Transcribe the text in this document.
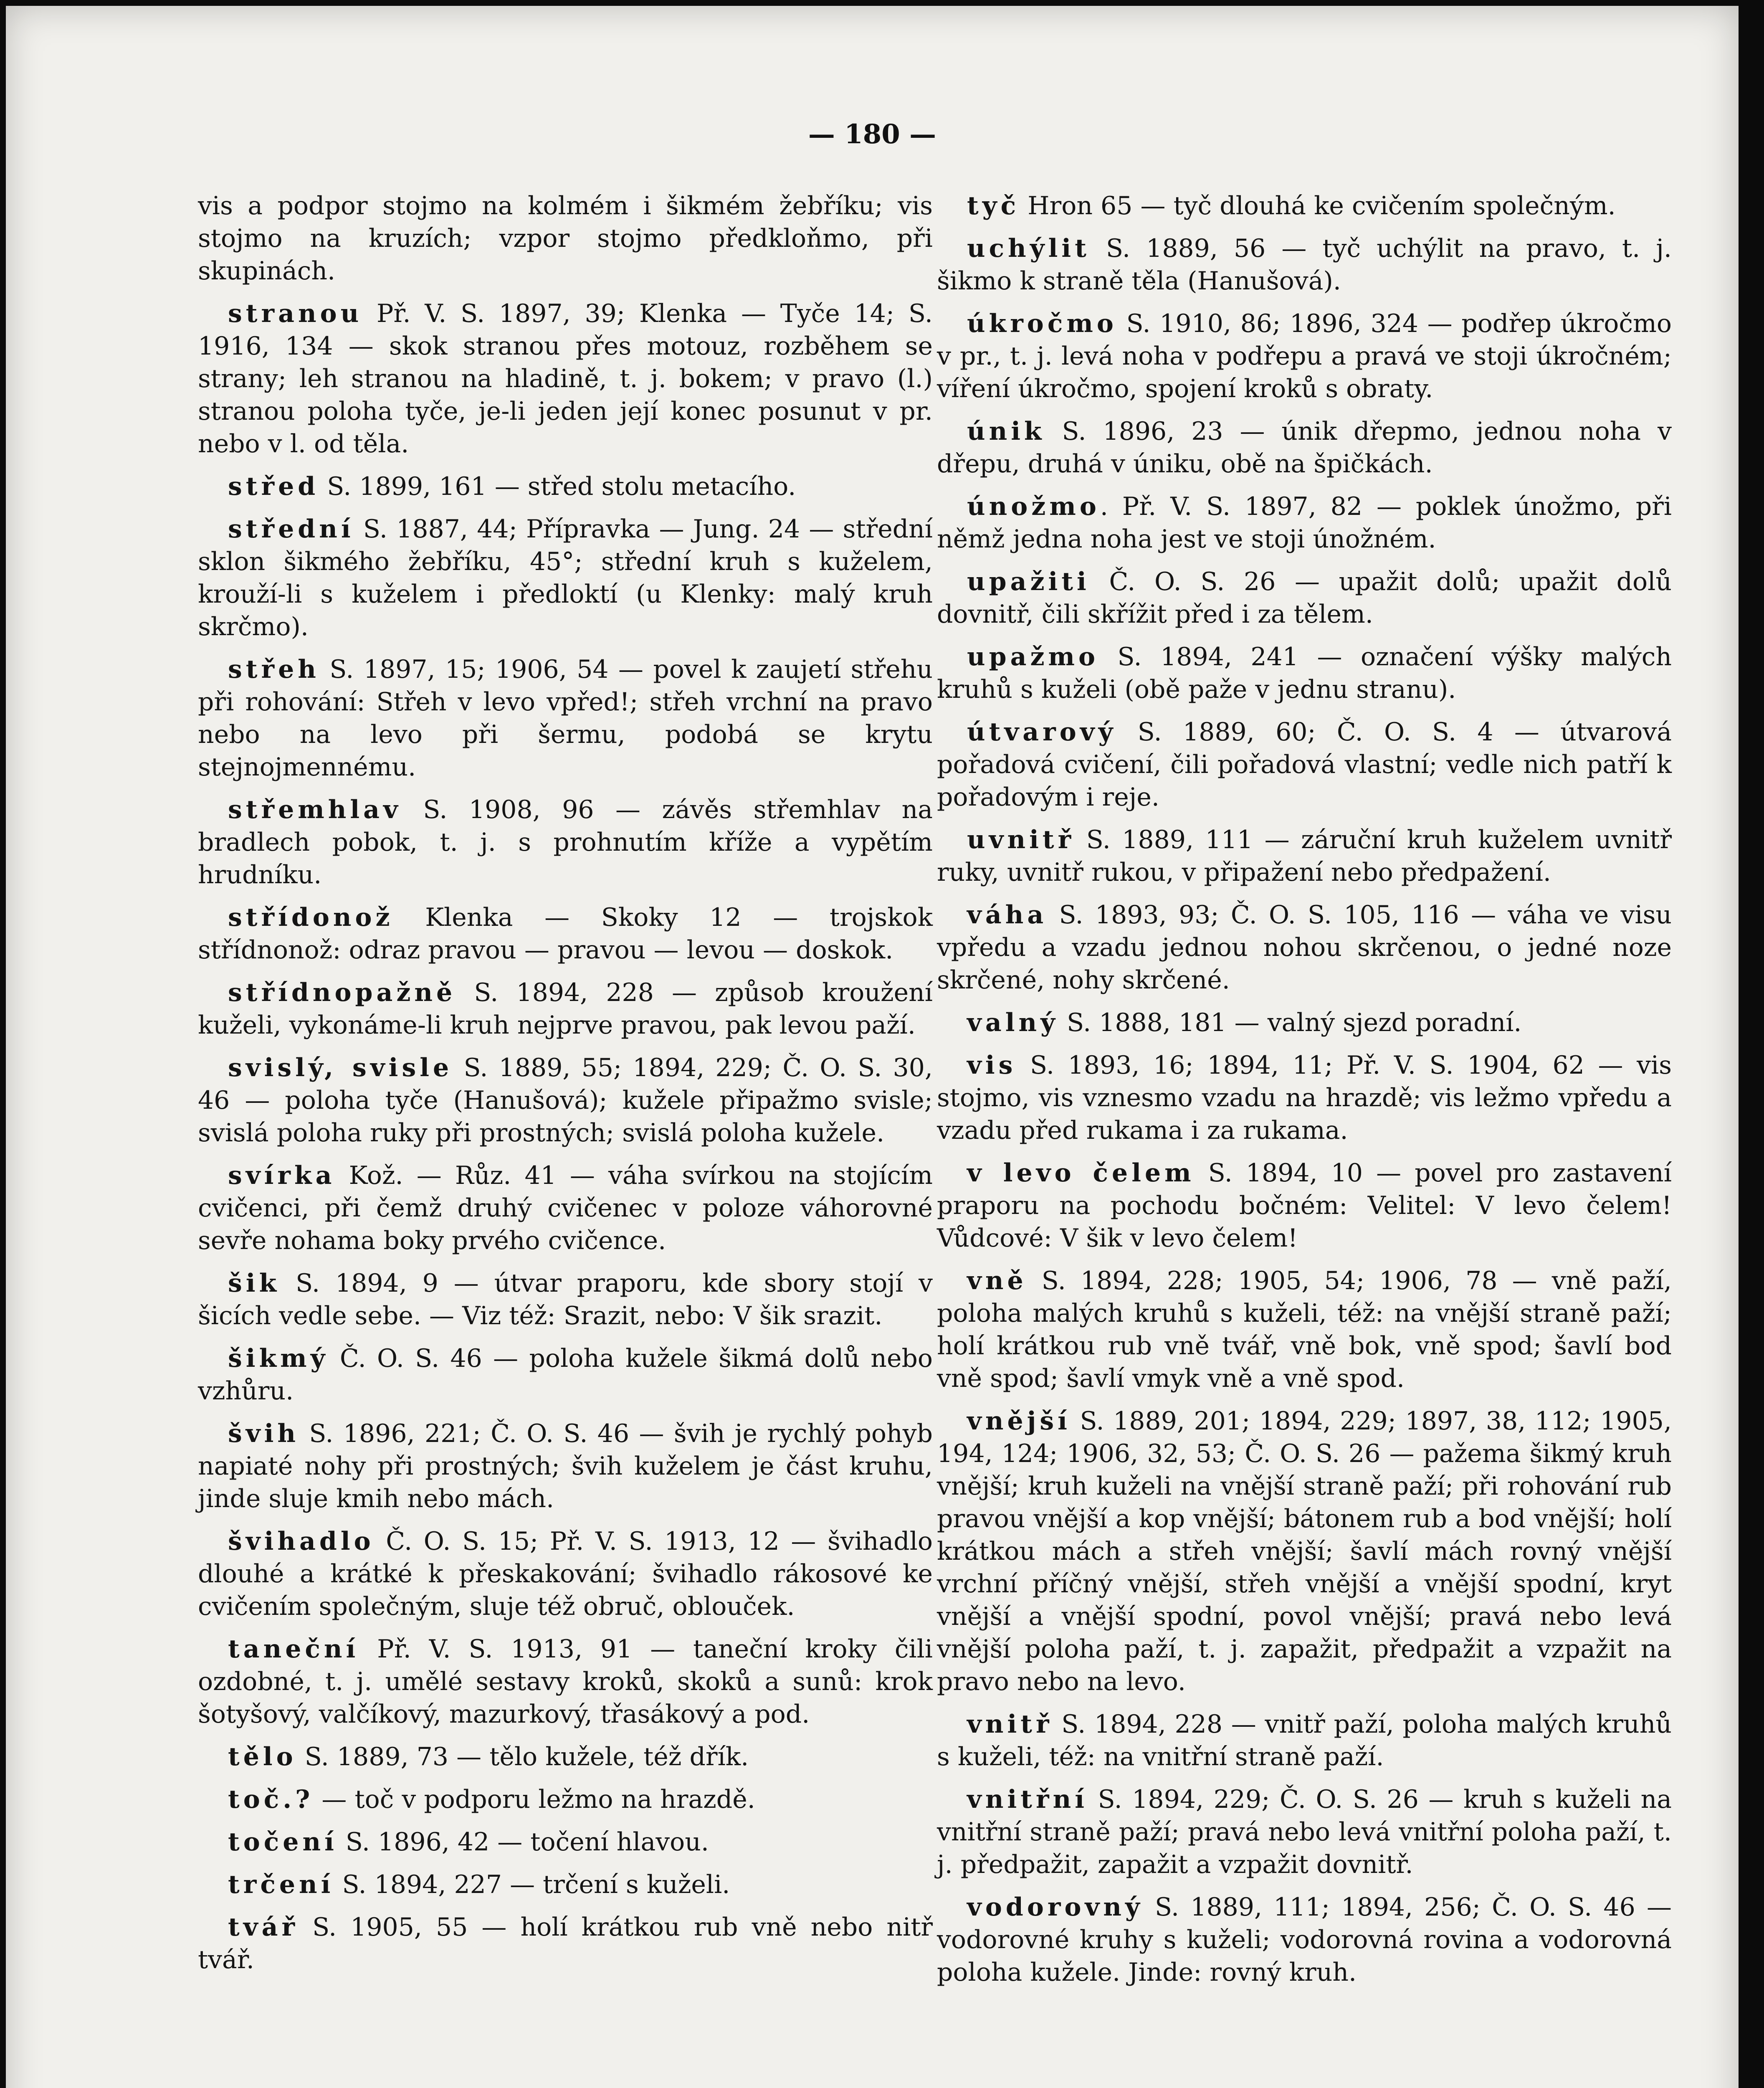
— 180 —

vis a podpor stojmo na kolmém i šikmém žebříku; vis stojmo na kruzích; vzpor stojmo předkloňmo, při skupinách.

stranou Př. V. S. 1897, 39; Klenka — Tyče 14; S. 1916, 134 — skok stranou přes motouz, rozběhem se strany; leh stranou na hladině, t. j. bokem; v pravo (l.) stranou poloha tyče, je-li jeden její konec posunut v pr. nebo v l. od těla.

střed S. 1899, 161 — střed stolu metacího.

střední S. 1887, 44; Přípravka — Jung. 24 — střední sklon šikmého žebříku, 45°; střední kruh s kuželem, krouží-li s kuželem i předloktí (u Klenky: malý kruh skrčmo).

střeh S. 1897, 15; 1906, 54 — povel k zaujetí střehu při rohování: Střeh v levo vpřed!; střeh vrchní na pravo nebo na levo při šermu, podobá se krytu stejnojmennému.

střemhlav S. 1908, 96 — závěs střemhlav na bradlech pobok, t. j. s prohnutím kříže a vypětím hrudníku.

střídonož Klenka — Skoky 12 — trojskok střídnonož: odraz pravou — pravou — levou — doskok.

střídnopažně S. 1894, 228 — způsob kroužení kuželi, vykonáme-li kruh nejprve pravou, pak levou paží.

svislý, svisle S. 1889, 55; 1894, 229; Č. O. S. 30, 46 — poloha tyče (Hanušová); kužele připažmo svisle; svislá poloha ruky při prostných; svislá poloha kužele.

svírka Kož. — Růz. 41 — váha svírkou na stojícím cvičenci, při čemž druhý cvičenec v poloze váhorovné sevře nohama boky prvého cvičence.

šik S. 1894, 9 — útvar praporu, kde sbory stojí v šicích vedle sebe. — Viz též: Srazit, nebo: V šik srazit.

šikmý Č. O. S. 46 — poloha kužele šikmá dolů nebo vzhůru.

švih S. 1896, 221; Č. O. S. 46 — švih je rychlý pohyb napiaté nohy při prostných; švih kuželem je část kruhu, jinde sluje kmih nebo mách.

švihadlo Č. O. S. 15; Př. V. S. 1913, 12 — švihadlo dlouhé a krátké k přeskakování; švihadlo rákosové ke cvičením společným, sluje též obruč, oblouček.

taneční Př. V. S. 1913, 91 — taneční kroky čili ozdobné, t. j. umělé sestavy kroků, skoků a sunů: krok šotyšový, valčíkový, mazurkový, třasákový a pod.

tělo S. 1889, 73 — tělo kužele, též dřík.

toč.? — toč v podporu ležmo na hrazdě.

točení S. 1896, 42 — točení hlavou.

trčení S. 1894, 227 — trčení s kuželi.

tvář S. 1905, 55 — holí krátkou rub vně nebo nitř tvář.

tyč Hron 65 — tyč dlouhá ke cvičením společným.

uchýlit S. 1889, 56 — tyč uchýlit na pravo, t. j. šikmo k straně těla (Hanušová).

úkročmo S. 1910, 86; 1896, 324 — podřep úkročmo v pr., t. j. levá noha v podřepu a pravá ve stoji úkročném; víření úkročmo, spojení kroků s obraty.

únik S. 1896, 23 — únik dřepmo, jednou noha v dřepu, druhá v úniku, obě na špičkách.

únožmo. Př. V. S. 1897, 82 — poklek únožmo, při němž jedna noha jest ve stoji únožném.

upažiti Č. O. S. 26 — upažit dolů; upažit dolů dovnitř, čili skřížit před i za tělem.

upažmo S. 1894, 241 — označení výšky malých kruhů s kuželi (obě paže v jednu stranu).

útvarový S. 1889, 60; Č. O. S. 4 — útvarová pořadová cvičení, čili pořadová vlastní; vedle nich patří k pořadovým i reje.

uvnitř S. 1889, 111 — záruční kruh kuželem uvnitř ruky, uvnitř rukou, v připažení nebo předpažení.

váha S. 1893, 93; Č. O. S. 105, 116 — váha ve visu vpředu a vzadu jednou nohou skrčenou, o jedné noze skrčené, nohy skrčené.

valný S. 1888, 181 — valný sjezd poradní.

vis S. 1893, 16; 1894, 11; Př. V. S. 1904, 62 — vis stojmo, vis vznesmo vzadu na hrazdě; vis ležmo vpředu a vzadu před rukama i za rukama.

v levo čelem S. 1894, 10 — povel pro zastavení praporu na pochodu bočném: Velitel: V levo čelem! Vůdcové: V šik v levo čelem!

vně S. 1894, 228; 1905, 54; 1906, 78 — vně paží, poloha malých kruhů s kuželi, též: na vnější straně paží; holí krátkou rub vně tvář, vně bok, vně spod; šavlí bod vně spod; šavlí vmyk vně a vně spod.

vnější S. 1889, 201; 1894, 229; 1897, 38, 112; 1905, 194, 124; 1906, 32, 53; Č. O. S. 26 — pažema šikmý kruh vnější; kruh kuželi na vnější straně paží; při rohování rub pravou vnější a kop vnější; bátonem rub a bod vnější; holí krátkou mách a střeh vnější; šavlí mách rovný vnější vrchní příčný vnější, střeh vnější a vnější spodní, kryt vnější a vnější spodní, povol vnější; pravá nebo levá vnější poloha paží, t. j. zapažit, předpažit a vzpažit na pravo nebo na levo.

vnitř S. 1894, 228 — vnitř paží, poloha malých kruhů s kuželi, též: na vnitřní straně paží.

vnitřní S. 1894, 229; Č. O. S. 26 — kruh s kuželi na vnitřní straně paží; pravá nebo levá vnitřní poloha paží, t. j. předpažit, zapažit a vzpažit dovnitř.

vodorovný S. 1889, 111; 1894, 256; Č. O. S. 46 — vodorovné kruhy s kuželi; vodorovná rovina a vodorovná poloha kužele. Jinde: rovný kruh.
